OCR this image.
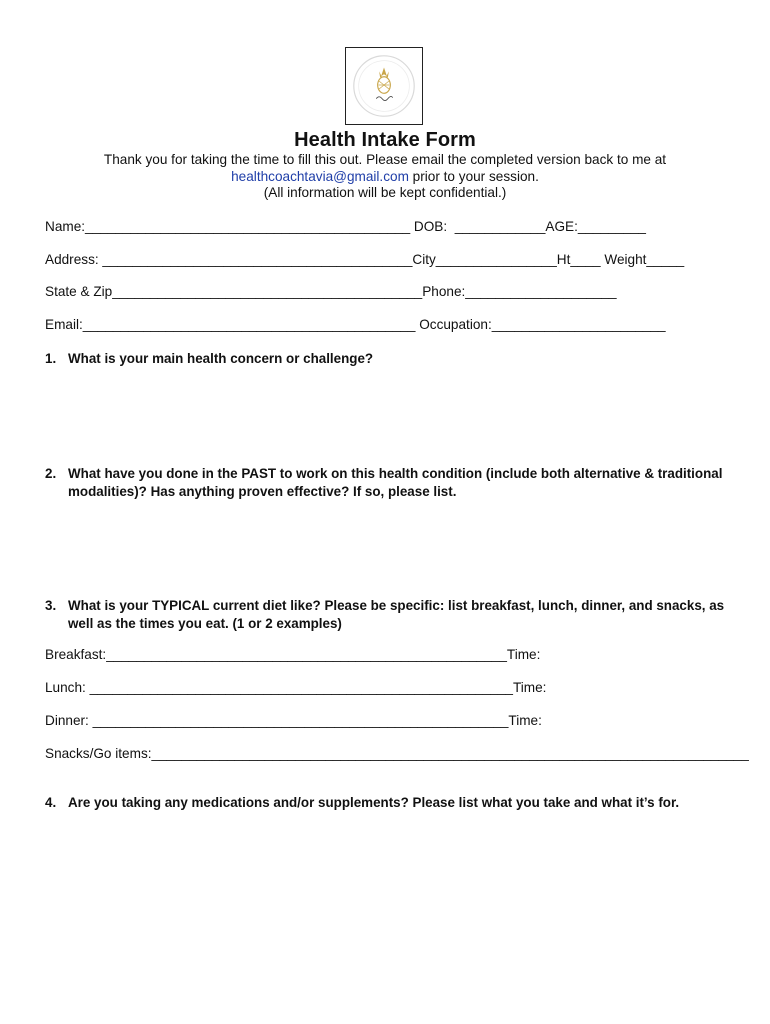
Health Intake Form
Thank you for taking the time to fill this out. Please email the completed version back to me at
healthcoachtavia@gmail.com prior to your session.
(All information will be kept confidential.)
Name:___________________________________________ DOB:  ____________AGE:_________
Address: _________________________________________City________________Ht____ Weight_____
State & Zip_________________________________________Phone:____________________
Email:____________________________________________ Occupation:_______________________
1. What is your main health concern or challenge?
2. What have you done in the PAST to work on this health condition (include both alternative & traditional modalities)? Has anything proven effective? If so, please list.
3. What is your TYPICAL current diet like? Please be specific: list breakfast, lunch, dinner, and snacks, as well as the times you eat. (1 or 2 examples)
Breakfast:_____________________________________________________Time:
Lunch: ________________________________________________________Time:
Dinner: _______________________________________________________Time:
Snacks/Go items:_______________________________________________________________________________
4. Are you taking any medications and/or supplements? Please list what you take and what it’s for.
